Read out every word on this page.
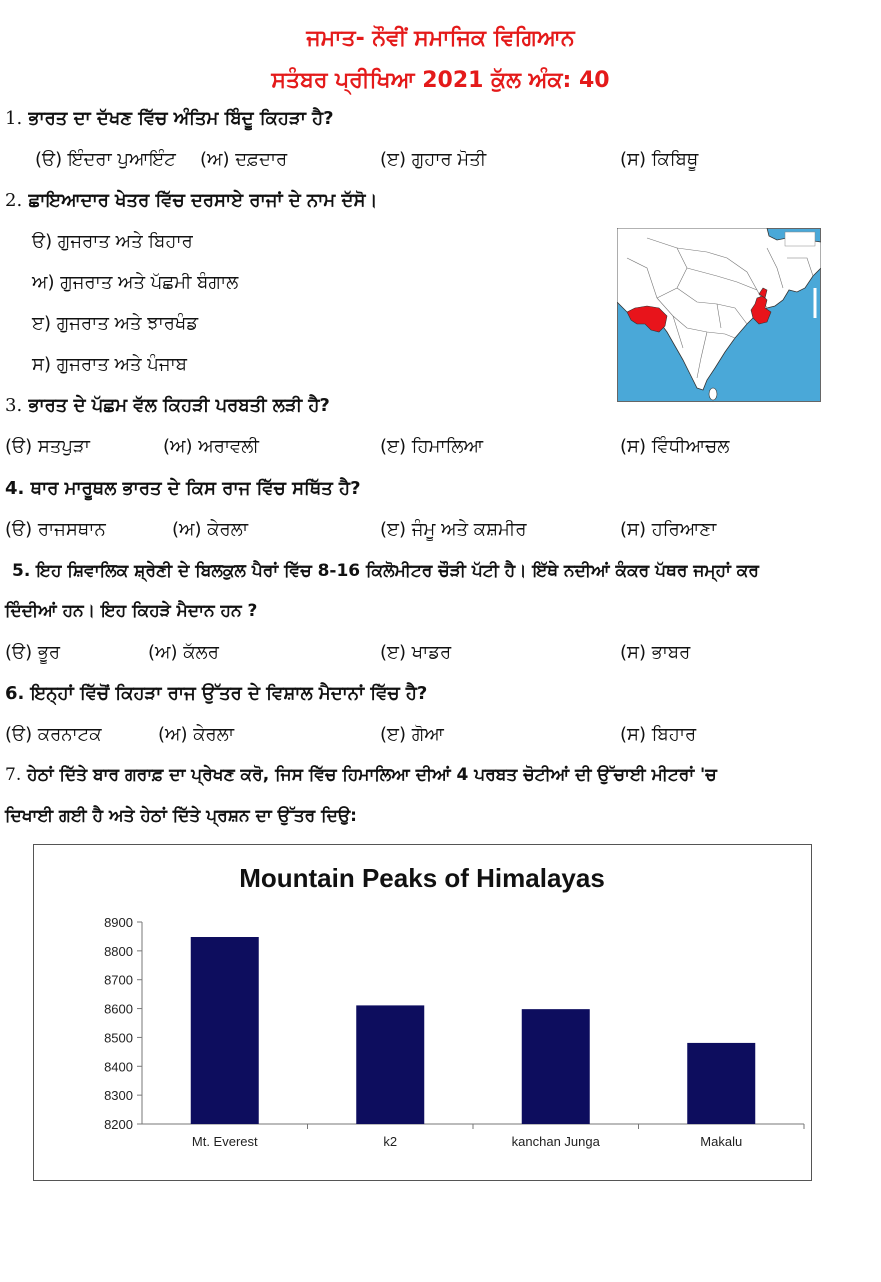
ਜਮਾਤ- ਨੌਵੀਂ ਸਮਾਜਿਕ ਵਿਗਿਆਨ
ਸਤੰਬਰ ਪ੍ਰੀਖਿਆ 2021 ਕੁੱਲ ਅੰਕ: 40
1. ਭਾਰਤ ਦਾ ਦੱਖਣ ਵਿੱਚ ਅੰਤਿਮ ਬਿੰਦੂ ਕਿਹੜਾ ਹੈ?
(ੳ) ਇੰਦਰਾ ਪੁਆਇੰਟ (ਅ) ਦਫ਼ਦਾਰ	(ੲ) ਗੁਹਾਰ ਮੋਤੀ	(ਸ) ਕਿਬਿਥੂ
2. ਛਾਇਆਦਾਰ ਖੇਤਰ ਵਿੱਚ ਦਰਸਾਏ ਰਾਜਾਂ ਦੇ ਨਾਮ ਦੱਸੋ।
ੳ) ਗੁਜਰਾਤ ਅਤੇ ਬਿਹਾਰ
ਅ) ਗੁਜਰਾਤ ਅਤੇ ਪੱਛਮੀ ਬੰਗਾਲ
ੲ) ਗੁਜਰਾਤ ਅਤੇ ਝਾਰਖੰਡ
ਸ) ਗੁਜਰਾਤ ਅਤੇ ਪੰਜਾਬ
3. ਭਾਰਤ ਦੇ ਪੱਛਮ ਵੱਲ ਕਿਹੜੀ ਪਰਬਤੀ ਲੜੀ ਹੈ?
(ੳ) ਸਤਪੁੜਾ	(ਅ) ਅਰਾਵਲੀ	(ੲ) ਹਿਮਾਲਿਆ	(ਸ) ਵਿੰਧੀਆਚਲ
4. ਥਾਰ ਮਾਰੂਥਲ ਭਾਰਤ ਦੇ ਕਿਸ ਰਾਜ ਵਿੱਚ ਸਥਿੱਤ ਹੈ?
(ੳ) ਰਾਜਸਥਾਨ	(ਅ) ਕੇਰਲਾ	(ੲ) ਜੰਮੂ ਅਤੇ ਕਸ਼ਮੀਰ	(ਸ) ਹਰਿਆਣਾ
5. ਇਹ ਸ਼ਿਵਾਲਿਕ ਸ਼੍ਰੇਣੀ ਦੇ ਬਿਲਕੁਲ ਪੈਰਾਂ ਵਿੱਚ 8-16 ਕਿਲੋਮੀਟਰ ਚੌੜੀ ਪੱਟੀ ਹੈ। ਇੱਥੇ ਨਦੀਆਂ ਕੰਕਰ ਪੱਥਰ ਜਮ੍ਹਾਂ ਕਰ
ਦਿੰਦੀਆਂ ਹਨ। ਇਹ ਕਿਹੜੇ ਮੈਦਾਨ ਹਨ ?
(ੳ) ਭੂਰ	(ਅ) ਕੱਲਰ	(ੲ) ਖਾਡਰ	(ਸ) ਭਾਬਰ
6. ਇਨ੍ਹਾਂ ਵਿੱਚੋਂ ਕਿਹੜਾ ਰਾਜ ਉੱਤਰ ਦੇ ਵਿਸ਼ਾਲ ਮੈਦਾਨਾਂ ਵਿੱਚ ਹੈ?
(ੳ) ਕਰਨਾਟਕ	(ਅ) ਕੇਰਲਾ	(ੲ) ਗੋਆ	(ਸ) ਬਿਹਾਰ
7. ਹੇਠਾਂ ਦਿੱਤੇ ਬਾਰ ਗਰਾਫ਼ ਦਾ ਪ੍ਰੇਖਣ ਕਰੋ, ਜਿਸ ਵਿੱਚ ਹਿਮਾਲਿਆ ਦੀਆਂ 4 ਪਰਬਤ ਚੋਟੀਆਂ ਦੀ ਉੱਚਾਈ ਮੀਟਰਾਂ 'ਚ
ਦਿਖਾਈ ਗਈ ਹੈ ਅਤੇ ਹੇਠਾਂ ਦਿੱਤੇ ਪ੍ਰਸ਼ਨ ਦਾ ਉੱਤਰ ਦਿਉ:
Mountain Peaks of Himalayas
8200
8300
8400
8500
8600
8700
8800
8900
Mt. Everest	k2	kanchan Junga	Makalu
